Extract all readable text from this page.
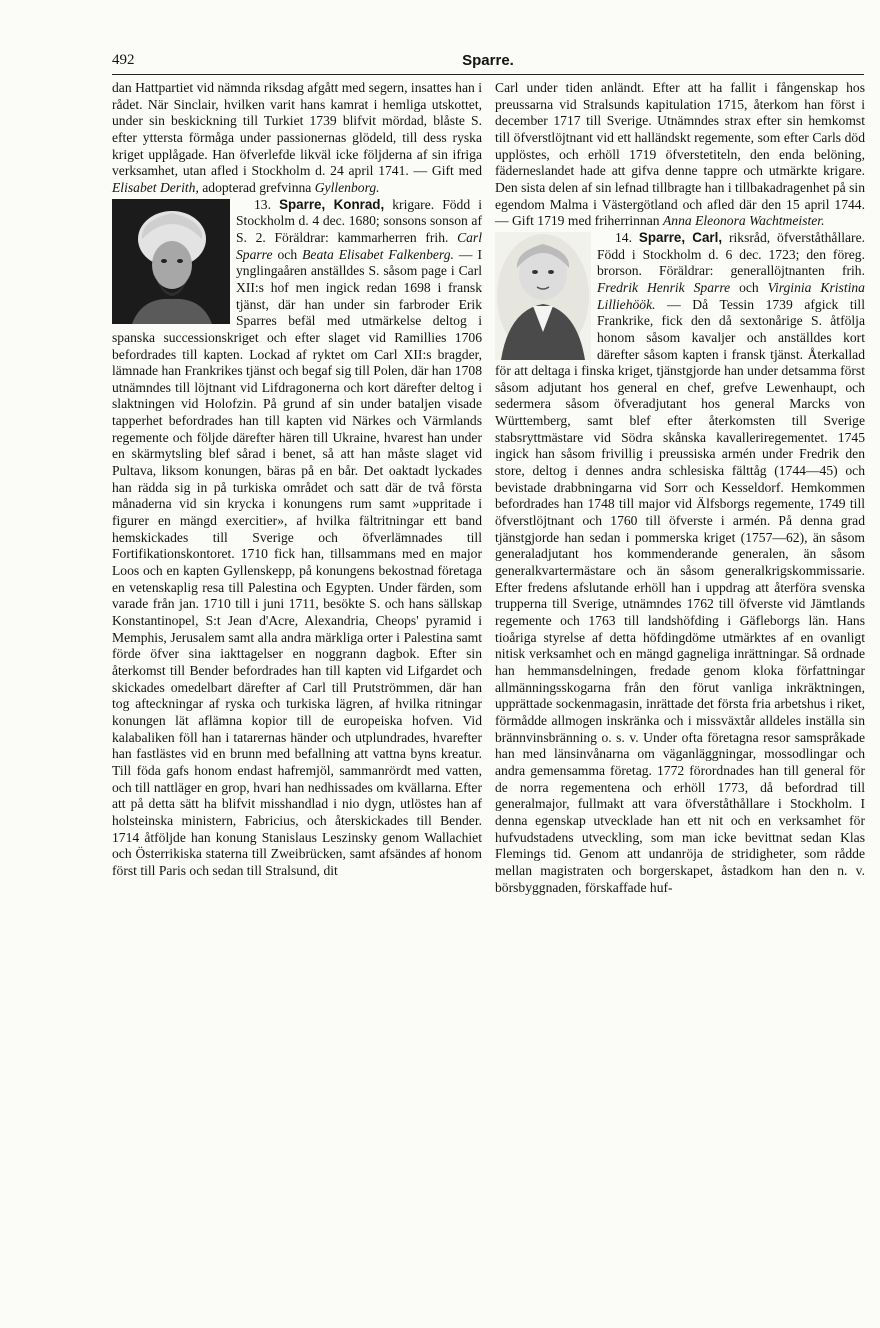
492	Sparre.

dan Hattpartiet vid nämnda riksdag afgått med segern, insattes han i rådet. När Sinclair, hvilken varit hans kamrat i hemliga utskottet, under sin beskickning till Turkiet 1739 blifvit mördad, blåste S. efter yttersta förmåga under passionernas glödeld, till dess ryska kriget upplågade. Han öfverlefde likväl icke följderna af sin ifriga verksamhet, utan afled i Stockholm d. 24 april 1741. — Gift med Elisabet Derith, adopterad grefvinna Gyllenborg.

13. Sparre, Konrad, krigare. Född i Stockholm d. 4 dec. 1680; sonsons sonson af S. 2. Föräldrar: kammarherren frih. Carl Sparre och Beata Elisabet Falkenberg. — I ynglingaåren anställdes S. såsom page i Carl XII:s hof men ingick redan 1698 i fransk tjänst, där han under sin farbroder Erik Sparres befäl med utmärkelse deltog i spanska successionskriget och efter slaget vid Ramillies 1706 befordrades till kapten. Lockad af ryktet om Carl XII:s bragder, lämnade han Frankrikes tjänst och begaf sig till Polen, där han 1708 utnämndes till löjtnant vid Lifdragonerna och kort därefter deltog i slaktningen vid Holofzin. På grund af sin under bataljen visade tapperhet befordrades han till kapten vid Närkes och Värmlands regemente och följde därefter hären till Ukraine, hvarest han under en skärmytsling blef sårad i benet, så att han måste slaget vid Pultava, liksom konungen, bäras på en bår. Det oaktadt lyckades han rädda sig in på turkiska området och satt där de två första månaderna vid sin krycka i konungens rum samt »uppritade i figurer en mängd exercitier», af hvilka fältritningar ett band hemskickades till Sverige och öfverlämnades till Fortifikationskontoret. 1710 fick han, tillsammans med en major Loos och en kapten Gyllenskepp, på konungens bekostnad företaga en vetenskaplig resa till Palestina och Egypten. Under färden, som varade från jan. 1710 till i juni 1711, besökte S. och hans sällskap Konstantinopel, S:t Jean d'Acre, Alexandria, Cheops' pyramid i Memphis, Jerusalem samt alla andra märkliga orter i Palestina samt förde öfver sina iakttagelser en noggrann dagbok. Efter sin återkomst till Bender befordrades han till kapten vid Lifgardet och skickades omedelbart därefter af Carl till Prutströmmen, där han tog afteckningar af ryska och turkiska lägren, af hvilka ritningar konungen lät aflämna kopior till de europeiska hofven. Vid kalabaliken föll han i tatarernas händer och utplundrades, hvarefter han fastlästes vid en brunn med befallning att vattna byns kreatur. Till föda gafs honom endast hafremjöl, sammanrördt med vatten, och till nattläger en grop, hvari han nedhissades om kvällarna. Efter att på detta sätt ha blifvit misshandlad i nio dygn, utlöstes han af holsteinska ministern, Fabricius, och återskickades till Bender. 1714 åtföljde han konung Stanislaus Leszinsky genom Wallachiet och Österrikiska staterna till Zweibrücken, samt afsändes af honom först till Paris och sedan till Stralsund, dit

Carl under tiden anländt. Efter att ha fallit i fångenskap hos preussarna vid Stralsunds kapitulation 1715, återkom han först i december 1717 till Sverige. Utnämndes strax efter sin hemkomst till öfverstlöjtnant vid ett halländskt regemente, som efter Carls död upplöstes, och erhöll 1719 öfverstetiteln, den enda belöning, fäderneslandet hade att gifva denne tappre och utmärkte krigare. Den sista delen af sin lefnad tillbragte han i tillbakadragenhet på sin egendom Malma i Västergötland och afled där den 15 april 1744. — Gift 1719 med friherrinnan Anna Eleonora Wachtmeister.

14. Sparre, Carl, riksråd, öfverståthållare. Född i Stockholm d. 6 dec. 1723; den föreg. brorson. Föräldrar: generallöjtnanten frih. Fredrik Henrik Sparre och Virginia Kristina Lilliehöök. — Då Tessin 1739 afgick till Frankrike, fick den då sextonårige S. åtfölja honom såsom kavaljer och anställdes kort därefter såsom kapten i fransk tjänst. Återkallad för att deltaga i finska kriget, tjänstgjorde han under detsamma först såsom adjutant hos general en chef, grefve Lewenhaupt, och sedermera såsom öfveradjutant hos general Marcks von Württemberg, samt blef efter återkomsten till Sverige stabsryttmästare vid Södra skånska kavalleriregementet. 1745 ingick han såsom frivillig i preussiska armén under Fredrik den store, deltog i dennes andra schlesiska fälttåg (1744—45) och bevistade drabbningarna vid Sorr och Kesseldorf. Hemkommen befordrades han 1748 till major vid Älfsborgs regemente, 1749 till öfverstlöjtnant och 1760 till öfverste i armén. På denna grad tjänstgjorde han sedan i pommerska kriget (1757—62), än såsom generaladjutant hos kommenderande generalen, än såsom generalkvartermästare och än såsom generalkrigskommissarie. Efter fredens afslutande erhöll han i uppdrag att återföra svenska trupperna till Sverige, utnämndes 1762 till öfverste vid Jämtlands regemente och 1763 till landshöfding i Gäfleborgs län. Hans tioåriga styrelse af detta höfdingdöme utmärktes af en ovanligt nitisk verksamhet och en mängd gagneliga inrättningar. Så ordnade han hemmansdelningen, fredade genom kloka författningar allmänningsskogarna från den förut vanliga inkräktningen, upprättade sockenmagasin, inrättade det första fria arbetshus i riket, förmådde allmogen inskränka och i missväxtår alldeles inställa sin brännvinsbränning o. s. v. Under ofta företagna resor samspråkade han med länsinvånarna om väganläggningar, mossodlingar och andra gemensamma företag. 1772 förordnades han till general för de norra regementena och erhöll 1773, då befordrad till generalmajor, fullmakt att vara öfverståthållare i Stockholm. I denna egenskap utvecklade han ett nit och en verksamhet för hufvudstadens utveckling, som man icke bevittnat sedan Klas Flemings tid. Genom att undanröja de stridigheter, som rådde mellan magistraten och borgerskapet, åstadkom han den n. v. börsbyggnaden, förskaffade huf-
